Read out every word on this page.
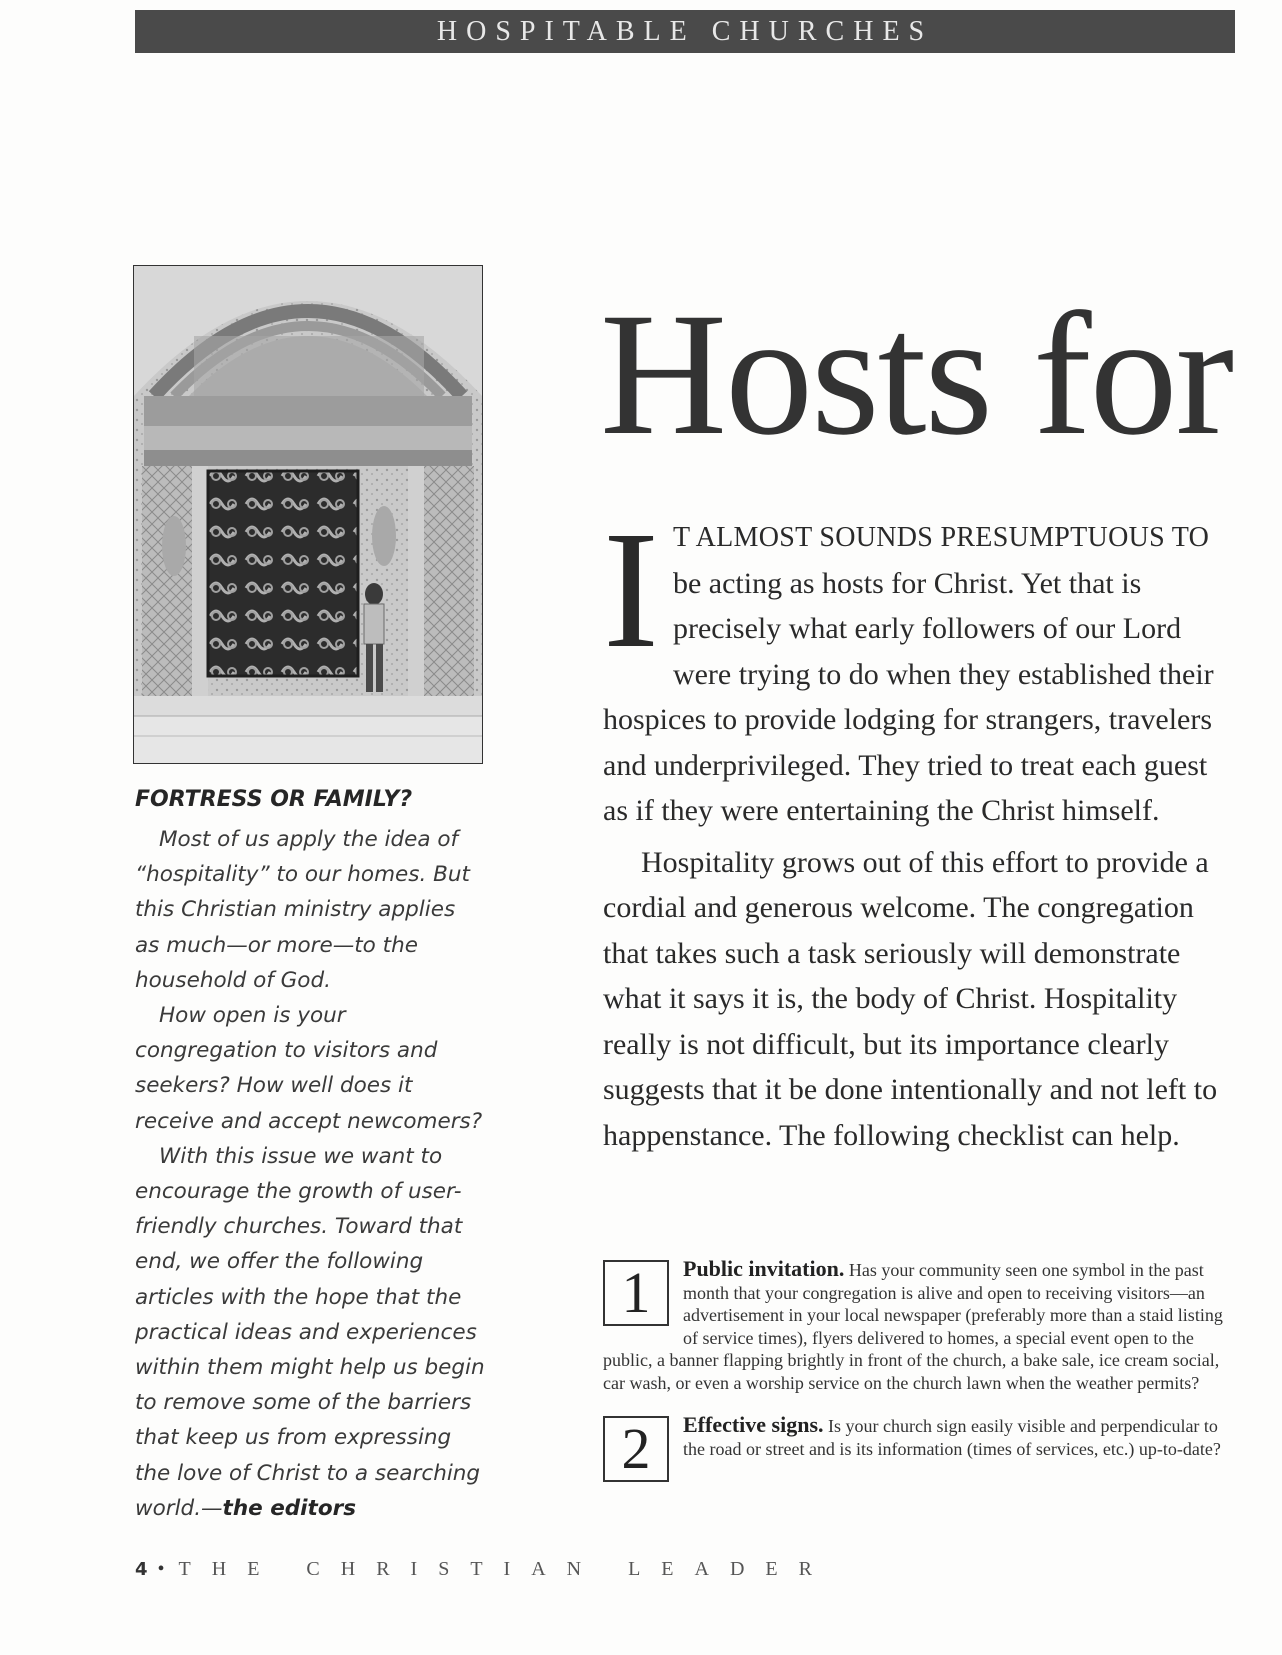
HOSPITABLE CHURCHES
FORTRESS OR FAMILY?

Most of us apply the idea of “hospitality” to our homes. But this Christian ministry applies as much—or more—to the household of God.

How open is your congregation to visitors and seekers? How well does it receive and accept newcomers?

With this issue we want to encourage the growth of user-friendly churches. Toward that end, we offer the following articles with the hope that the practical ideas and experiences within them might help us begin to remove some of the barriers that keep us from expressing the love of Christ to a searching world.—the editors

Hosts for

I T ALMOST SOUNDS PRESUMPTUOUS TO be acting as hosts for Christ. Yet that is precisely what early followers of our Lord were trying to do when they established their hospices to provide lodging for strangers, travelers and underprivileged. They tried to treat each guest as if they were entertaining the Christ himself.

Hospitality grows out of this effort to provide a cordial and generous welcome. The congregation that takes such a task seriously will demonstrate what it says it is, the body of Christ. Hospitality really is not difficult, but its importance clearly suggests that it be done intentionally and not left to happenstance. The following checklist can help.

1	Public invitation. Has your community seen one symbol in the past month that your congregation is alive and open to receiving visitors—an advertisement in your local newspaper (preferably more than a staid listing of service times), flyers delivered to homes, a special event open to the public, a banner flapping brightly in front of the church, a bake sale, ice cream social, car wash, or even a worship service on the church lawn when the weather permits?
2	Effective signs. Is your church sign easily visible and perpendicular to the road or street and is its information (times of services, etc.) up-to-date?
4 • THE CHRISTIAN LEADER
